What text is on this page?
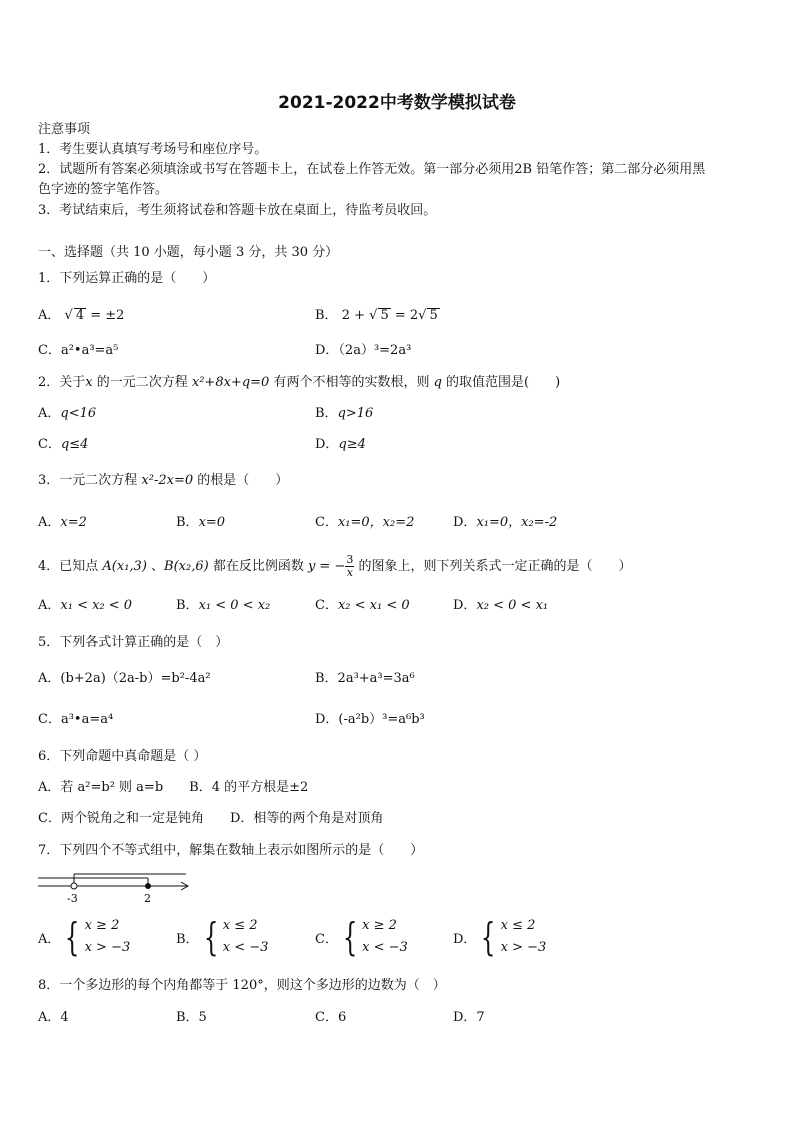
2021-2022中考数学模拟试卷
注意事项
1．考生要认真填写考场号和座位序号。
2．试题所有答案必须填涂或书写在答题卡上，在试卷上作答无效。第一部分必须用2B 铅笔作答；第二部分必须用黑
色字迹的签字笔作答。
3．考试结束后，考生须将试卷和答题卡放在桌面上，待监考员收回。
一、选择题（共 10 小题，每小题 3 分，共 30 分）
1．下列运算正确的是（　　）
A． √ 4 = ±2	B． 2 + √ 5 = 2√ 5
C．a²•a³=a⁵	D．（2a）³=2a³
2．关于x 的一元二次方程 x²+8x+q=0 有两个不相等的实数根，则 q 的取值范围是(　　)
A．q<16	B．q>16
C．q≤4	D．q≥4
3．一元二次方程 x²-2x=0 的根是（　　）
A．x=2	B．x=0	C．x₁=0，x₂=2	D．x₁=0，x₂=-2
4．已知点 A(x₁,3) 、B(x₂,6) 都在反比例函数 y = − $\frac{3}{x}$ 的图象上，则下列关系式一定正确的是（　　）
A．x₁ < x₂ < 0	B．x₁ < 0 < x₂	C．x₂ < x₁ < 0	D．x₂ < 0 < x₁
5．下列各式计算正确的是（　）
A．(b+2a)（2a-b）=b²-4a²	B．2a³+a³=3a⁶
C．a³•a=a⁴	D．(-a²b）³=a⁶b³
6．下列命题中真命题是（ ）
A．若 a²=b² 则 a=b　　B．4 的平方根是±2
C．两个锐角之和一定是钝角　　D．相等的两个角是对顶角
7．下列四个不等式组中，解集在数轴上表示如图所示的是（　　）
-3	2
A． { x ≥ 2
x > −3
B． { x ≤ 2
x < −3
C． { x ≥ 2
x < −3
D． { x ≤ 2
x > −3
8．一个多边形的每个内角都等于 120°，则这个多边形的边数为（　）
A．4	B．5	C．6	D．7
